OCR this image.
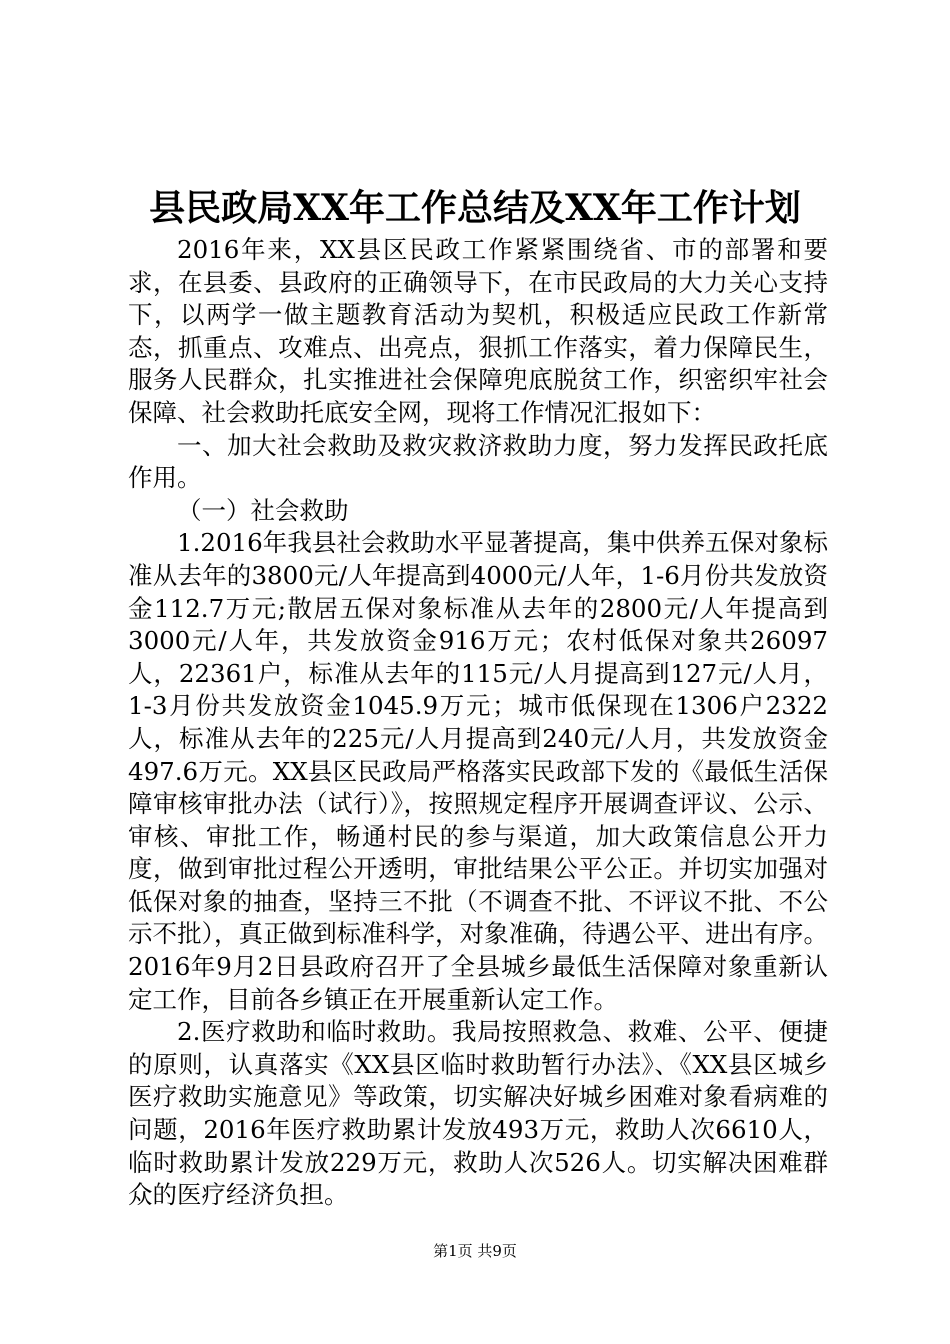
县民政局XX年工作总结及XX年工作计划

2016年来，XX县区民政工作紧紧围绕省、市的部署和要求，在县委、县政府的正确领导下，在市民政局的大力关心支持下，以两学一做主题教育活动为契机，积极适应民政工作新常态，抓重点、攻难点、出亮点，狠抓工作落实，着力保障民生，服务人民群众，扎实推进社会保障兜底脱贫工作，织密织牢社会保障、社会救助托底安全网，现将工作情况汇报如下：

一、加大社会救助及救灾救济救助力度，努力发挥民政托底作用。

（一）社会救助

1.2016年我县社会救助水平显著提高，集中供养五保对象标准从去年的3800元/人年提高到4000元/人年，1-6月份共发放资金112.7万元;散居五保对象标准从去年的2800元/人年提高到3000元/人年，共发放资金916万元；农村低保对象共26097人，22361户，标准从去年的115元/人月提高到127元/人月，1-3月份共发放资金1045.9万元；城市低保现在1306户2322人，标准从去年的225元/人月提高到240元/人月，共发放资金497.6万元。XX县区民政局严格落实民政部下发的《最低生活保障审核审批办法（试行）》，按照规定程序开展调查评议、公示、审核、审批工作，畅通村民的参与渠道，加大政策信息公开力度，做到审批过程公开透明，审批结果公平公正。并切实加强对低保对象的抽查，坚持三不批（不调查不批、不评议不批、不公示不批），真正做到标准科学，对象准确，待遇公平、进出有序。2016年9月2日县政府召开了全县城乡最低生活保障对象重新认定工作，目前各乡镇正在开展重新认定工作。

2.医疗救助和临时救助。我局按照救急、救难、公平、便捷的原则，认真落实《XX县区临时救助暂行办法》、《XX县区城乡医疗救助实施意见》等政策，切实解决好城乡困难对象看病难的问题，2016年医疗救助累计发放493万元，救助人次6610人，临时救助累计发放229万元，救助人次526人。切实解决困难群众的医疗经济负担。

第1页 共9页
